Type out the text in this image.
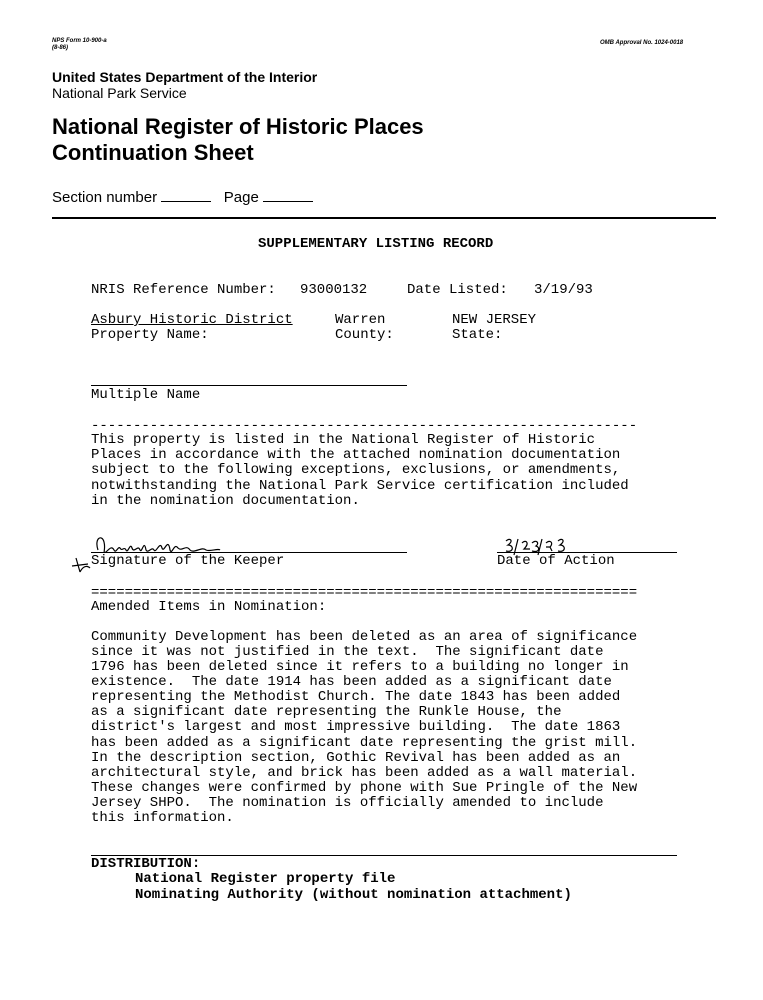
NPS Form 10-900-a
(8-86)
OMB Approval No. 1024-0018
United States Department of the Interior
National Park Service
National Register of Historic Places
Continuation Sheet
Section number	Page
SUPPLEMENTARY LISTING RECORD
NRIS Reference Number: 93000132	Date Listed: 3/19/93
Asbury Historic District	Warren	NEW JERSEY
Property Name:	County:	State:
Multiple Name
-----------------------------------------------------------------
This property is listed in the National Register of Historic
Places in accordance with the attached nomination documentation
subject to the following exceptions, exclusions, or amendments,
notwithstanding the National Park Service certification included
in the nomination documentation.
Signature of the Keeper	Date of Action
=================================================================
Amended Items in Nomination:
Community Development has been deleted as an area of significance
since it was not justified in the text.  The significant date
1796 has been deleted since it refers to a building no longer in
existence.  The date 1914 has been added as a significant date
representing the Methodist Church. The date 1843 has been added
as a significant date representing the Runkle House, the
district's largest and most impressive building.  The date 1863
has been added as a significant date representing the grist mill.
In the description section, Gothic Revival has been added as an
architectural style, and brick has been added as a wall material.
These changes were confirmed by phone with Sue Pringle of the New
Jersey SHPO.  The nomination is officially amended to include
this information.
DISTRIBUTION:
National Register property file
Nominating Authority (without nomination attachment)
